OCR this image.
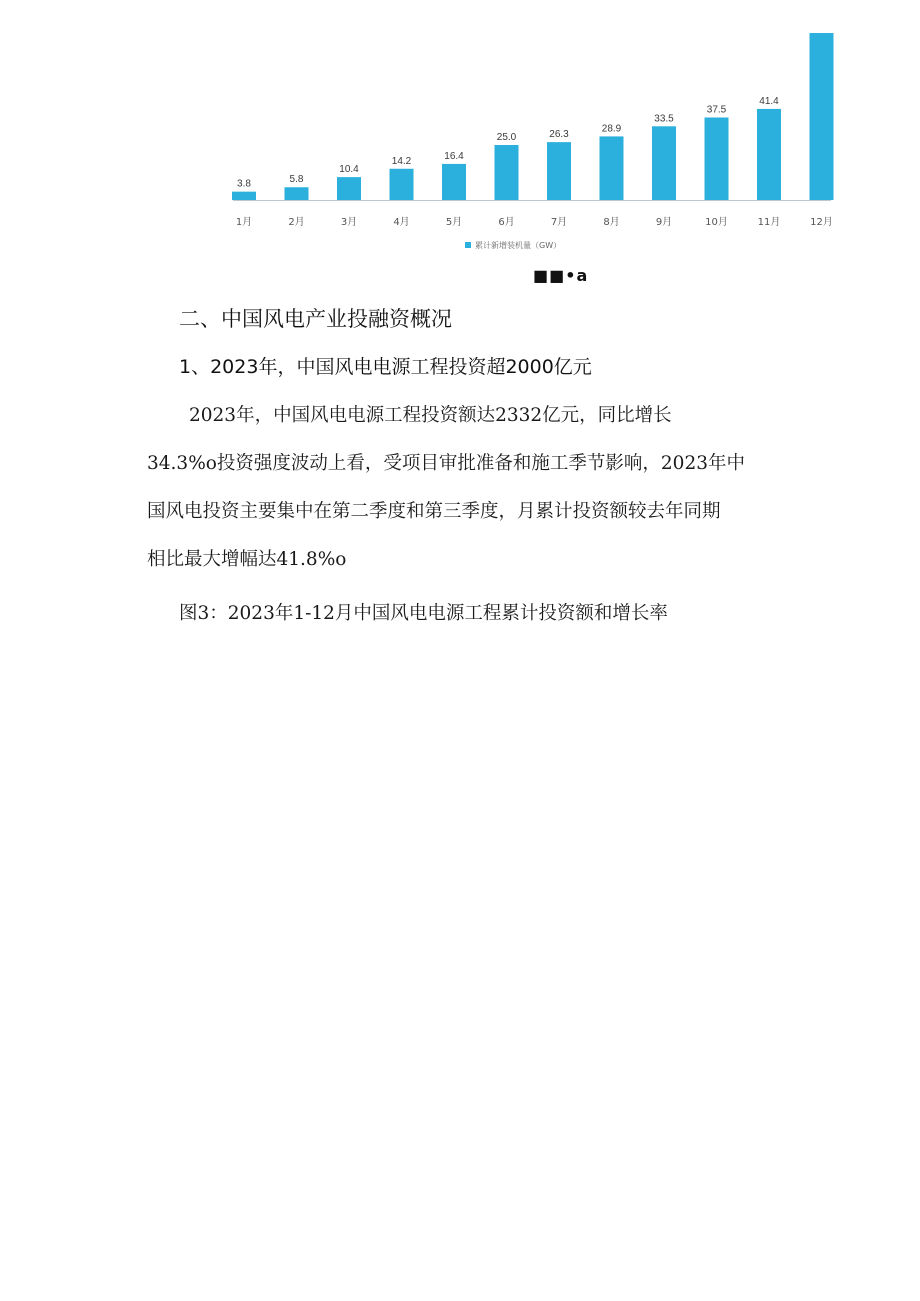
3.8
1月
5.8
2月
10.4
3月
14.2
4月
16.4
5月
25.0
6月
26.3
7月
28.9
8月
33.5
9月
37.5
10月
41.4
11月	12月
累计新增装机量（GW）
■■•a
二、中国风电产业投融资概况
1、2023年，中国风电电源工程投资超2000亿元
2023年，中国风电电源工程投资额达2332亿元，同比增长
34.3%o投资强度波动上看，受项目审批准备和施工季节影响，2023年中
国风电投资主要集中在第二季度和第三季度，月累计投资额较去年同期
相比最大增幅达41.8%o
图3：2023年1-12月中国风电电源工程累计投资额和增长率
